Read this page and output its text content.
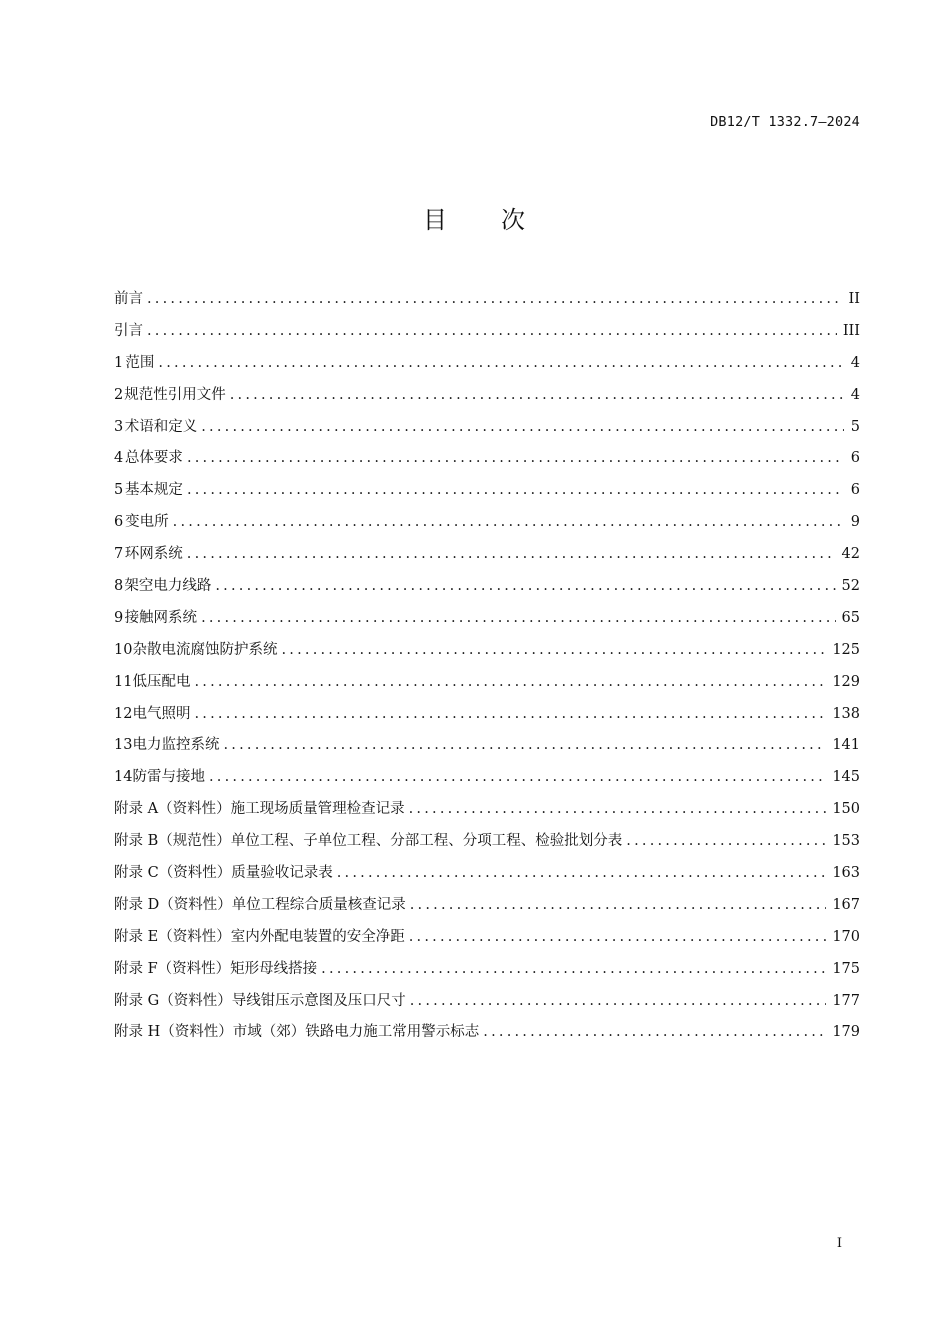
DB12/T 1332.7—2024
目 次
前言 .....	II
引言 .....	III
1 范围 .....	4
2 规范性引用文件 .....	4
3 术语和定义 .....	5
4 总体要求 .....	6
5 基本规定 .....	6
6 变电所 .....	9
7 环网系统 .....	42
8 架空电力线路 .....	52
9 接触网系统 .....	65
10 杂散电流腐蚀防护系统 .....	125
11 低压配电 .....	129
12 电气照明 .....	138
13 电力监控系统 .....	141
14 防雷与接地 .....	145
附录 A（资料性） 施工现场质量管理检查记录 .....	150
附录 B（规范性） 单位工程、子单位工程、分部工程、分项工程、检验批划分表 .....	153
附录 C（资料性） 质量验收记录表 .....	163
附录 D（资料性） 单位工程综合质量核查记录 .....	167
附录 E（资料性） 室内外配电装置的安全净距 .....	170
附录 F（资料性） 矩形母线搭接 .....	175
附录 G（资料性） 导线钳压示意图及压口尺寸 .....	177
附录 H（资料性） 市域（郊）铁路电力施工常用警示标志 .....	179
I
